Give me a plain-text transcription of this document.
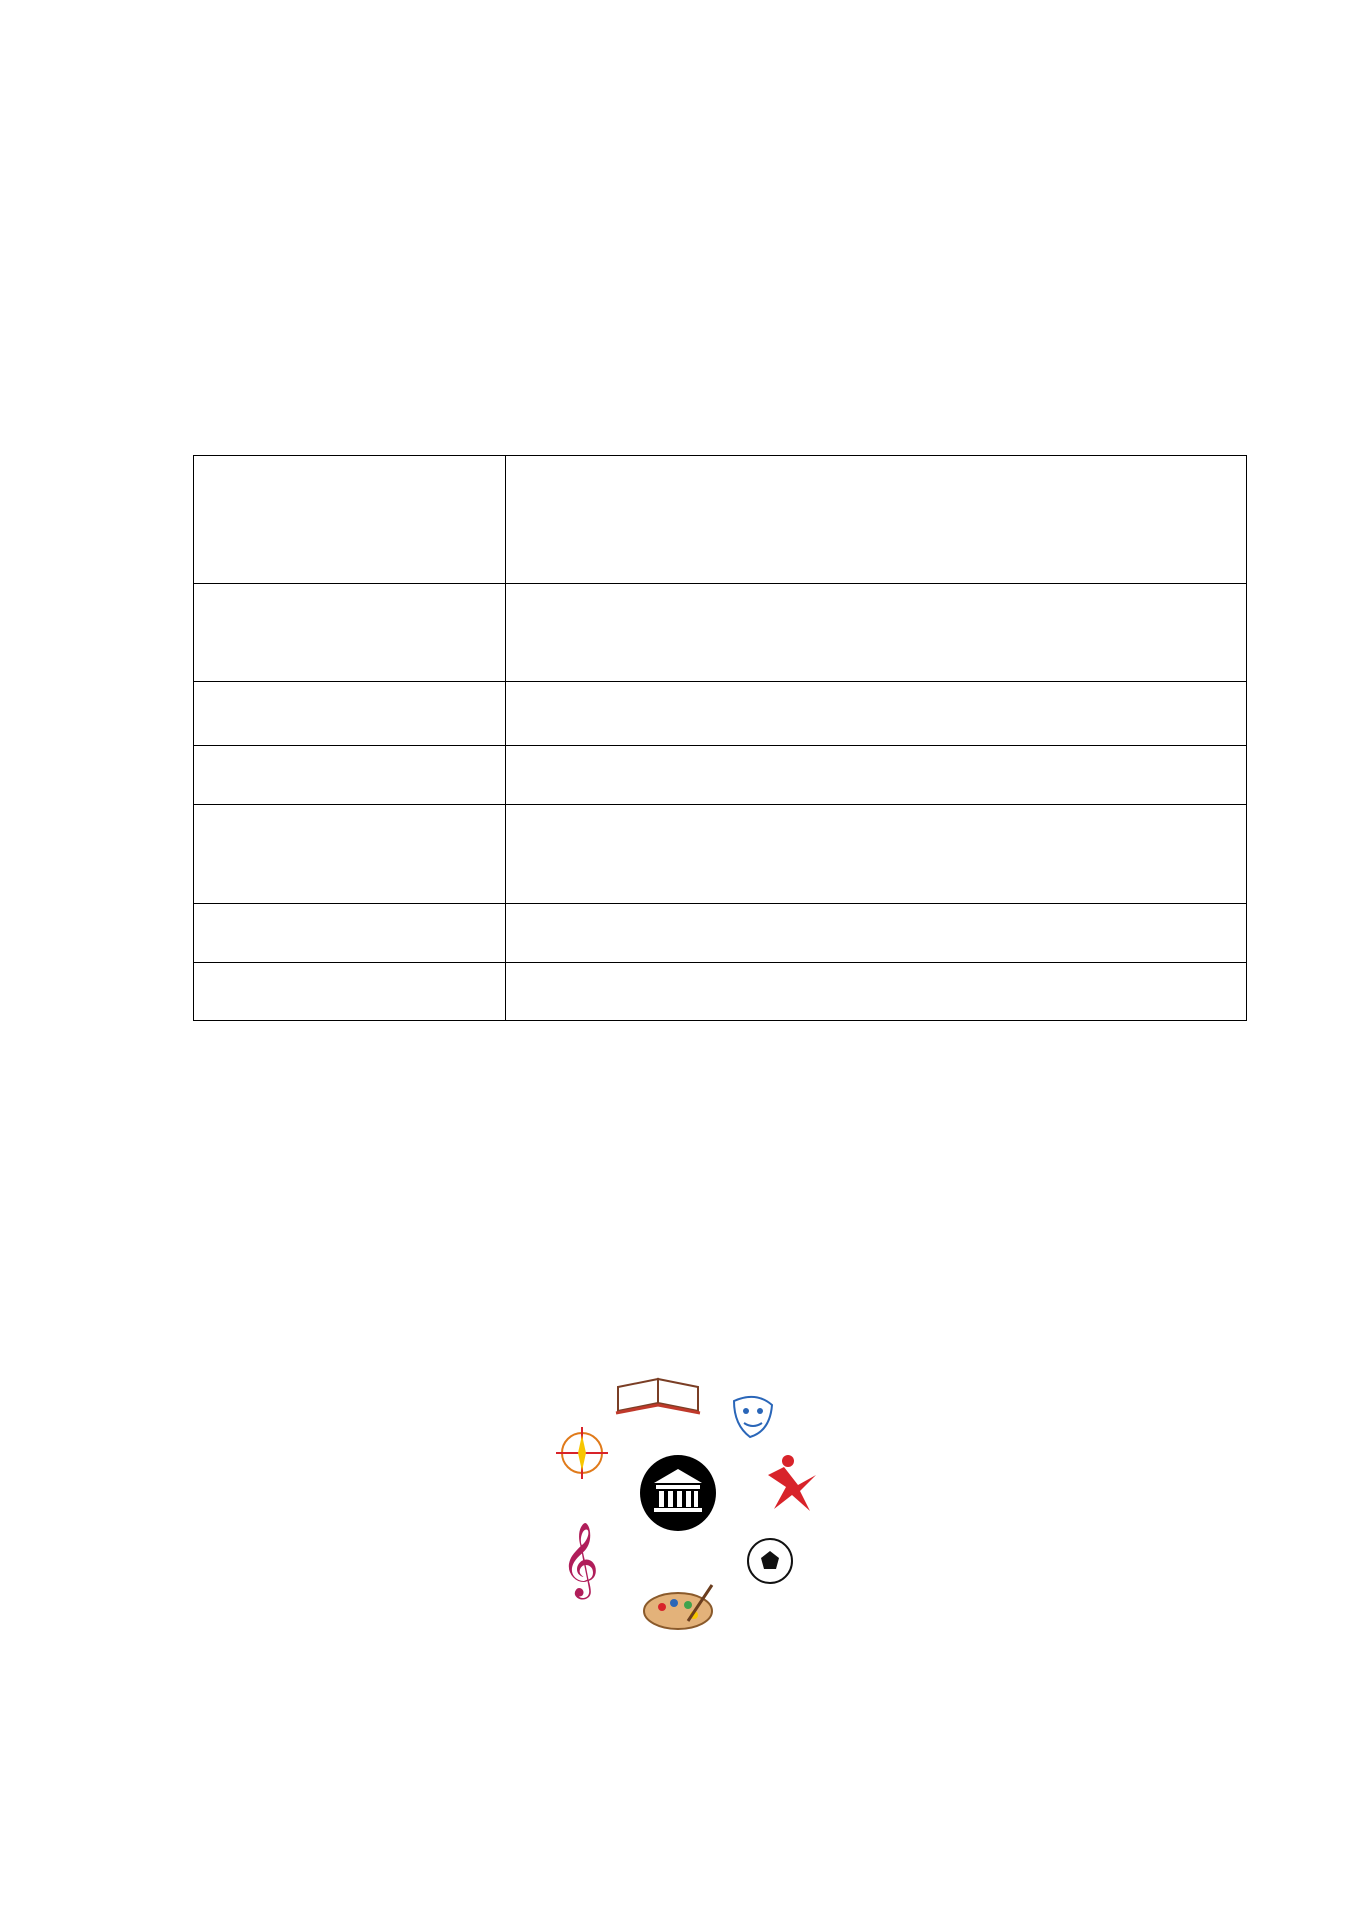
𝄞
